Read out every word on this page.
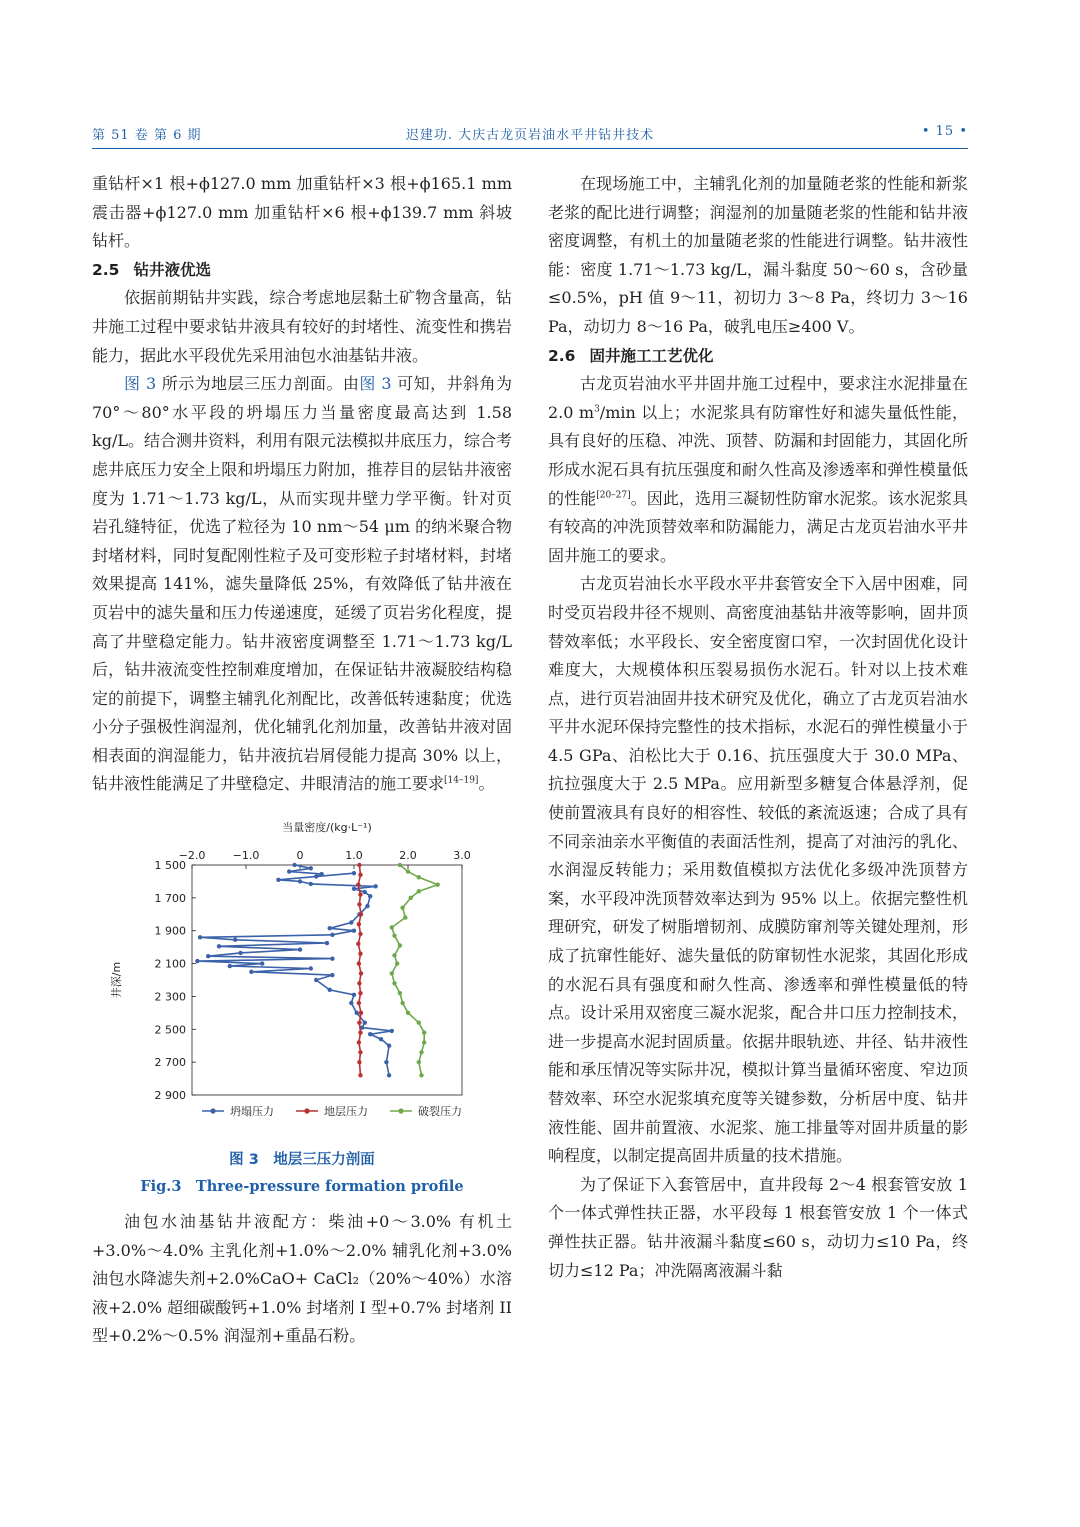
迟建功. 大庆古龙页岩油水平井钻井技术
第 51 卷 第 6 期	• 15 •

重钻杆×1 根+ϕ127.0 mm 加重钻杆×3 根+ϕ165.1 mm 震击器+ϕ127.0 mm 加重钻杆×6 根+ϕ139.7 mm 斜坡钻杆。

2.5 钻井液优选

依据前期钻井实践，综合考虑地层黏土矿物含量高，钻井施工过程中要求钻井液具有较好的封堵性、流变性和携岩能力，据此水平段优先采用油包水油基钻井液。

图 3 所示为地层三压力剖面。由图 3 可知，井斜角为 70°～80°水平段的坍塌压力当量密度最高达到 1.58 kg/L。结合测井资料，利用有限元法模拟井底压力，综合考虑井底压力安全上限和坍塌压力附加，推荐目的层钻井液密度为 1.71～1.73 kg/L，从而实现井壁力学平衡。针对页岩孔缝特征，优选了粒径为 10 nm～54 μm 的纳米聚合物封堵材料，同时复配刚性粒子及可变形粒子封堵材料，封堵效果提高 141%，滤失量降低 25%，有效降低了钻井液在页岩中的滤失量和压力传递速度，延缓了页岩劣化程度，提高了井壁稳定能力。钻井液密度调整至 1.71～1.73 kg/L 后，钻井液流变性控制难度增加，在保证钻井液凝胶结构稳定的前提下，调整主辅乳化剂配比，改善低转速黏度；优选小分子强极性润湿剂，优化辅乳化剂加量，改善钻井液对固相表面的润湿能力，钻井液抗岩屑侵能力提高 30% 以上，钻井液性能满足了井壁稳定、井眼清洁的施工要求[14–19]。

当量密度/(kg·L⁻¹)
−2.0 −1.0	0	1.0	2.0	3.0
1 500
1 700
1 900
2 100
2 300
2 500
2 700
2 900
井深/m
坍塌压力	地层压力	破裂压力

图 3　地层三压力剖面

Fig.3　Three-pressure formation profile

油包水油基钻井液配方：柴油+0～3.0% 有机土+3.0%～4.0% 主乳化剂+1.0%～2.0% 辅乳化剂+3.0% 油包水降滤失剂+2.0%CaO+ CaCl₂（20%～40%）水溶液+2.0% 超细碳酸钙+1.0% 封堵剂 I 型+0.7% 封堵剂 II 型+0.2%～0.5% 润湿剂+重晶石粉。

在现场施工中，主辅乳化剂的加量随老浆的性能和新浆老浆的配比进行调整；润湿剂的加量随老浆的性能和钻井液密度调整，有机土的加量随老浆的性能进行调整。钻井液性能：密度 1.71～1.73 kg/L，漏斗黏度 50～60 s，含砂量≤0.5%，pH 值 9～11，初切力 3～8 Pa，终切力 3～16 Pa，动切力 8～16 Pa，破乳电压≥400 V。

2.6 固井施工工艺优化

古龙页岩油水平井固井施工过程中，要求注水泥排量在 2.0 m$^3$/min 以上；水泥浆具有防窜性好和滤失量低性能，具有良好的压稳、冲洗、顶替、防漏和封固能力，其固化所形成水泥石具有抗压强度和耐久性高及渗透率和弹性模量低的性能[20–27]。因此，选用三凝韧性防窜水泥浆。该水泥浆具有较高的冲洗顶替效率和防漏能力，满足古龙页岩油水平井固井施工的要求。

古龙页岩油长水平段水平井套管安全下入居中困难，同时受页岩段井径不规则、高密度油基钻井液等影响，固井顶替效率低；水平段长、安全密度窗口窄，一次封固优化设计难度大，大规模体积压裂易损伤水泥石。针对以上技术难点，进行页岩油固井技术研究及优化，确立了古龙页岩油水平井水泥环保持完整性的技术指标，水泥石的弹性模量小于 4.5 GPa、泊松比大于 0.16、抗压强度大于 30.0 MPa、抗拉强度大于 2.5 MPa。应用新型多糖复合体悬浮剂，促使前置液具有良好的相容性、较低的紊流返速；合成了具有不同亲油亲水平衡值的表面活性剂，提高了对油污的乳化、水润湿反转能力；采用数值模拟方法优化多级冲洗顶替方案，水平段冲洗顶替效率达到为 95% 以上。依据完整性机理研究，研发了树脂增韧剂、成膜防窜剂等关键处理剂，形成了抗窜性能好、滤失量低的防窜韧性水泥浆，其固化形成的水泥石具有强度和耐久性高、渗透率和弹性模量低的特点。设计采用双密度三凝水泥浆，配合井口压力控制技术，进一步提高水泥封固质量。依据井眼轨迹、井径、钻井液性能和承压情况等实际井况，模拟计算当量循环密度、窄边顶替效率、环空水泥浆填充度等关键参数，分析居中度、钻井液性能、固井前置液、水泥浆、施工排量等对固井质量的影响程度，以制定提高固井质量的技术措施。

为了保证下入套管居中，直井段每 2～4 根套管安放 1 个一体式弹性扶正器，水平段每 1 根套管安放 1 个一体式弹性扶正器。钻井液漏斗黏度≤60 s，动切力≤10 Pa，终切力≤12 Pa；冲洗隔离液漏斗黏
